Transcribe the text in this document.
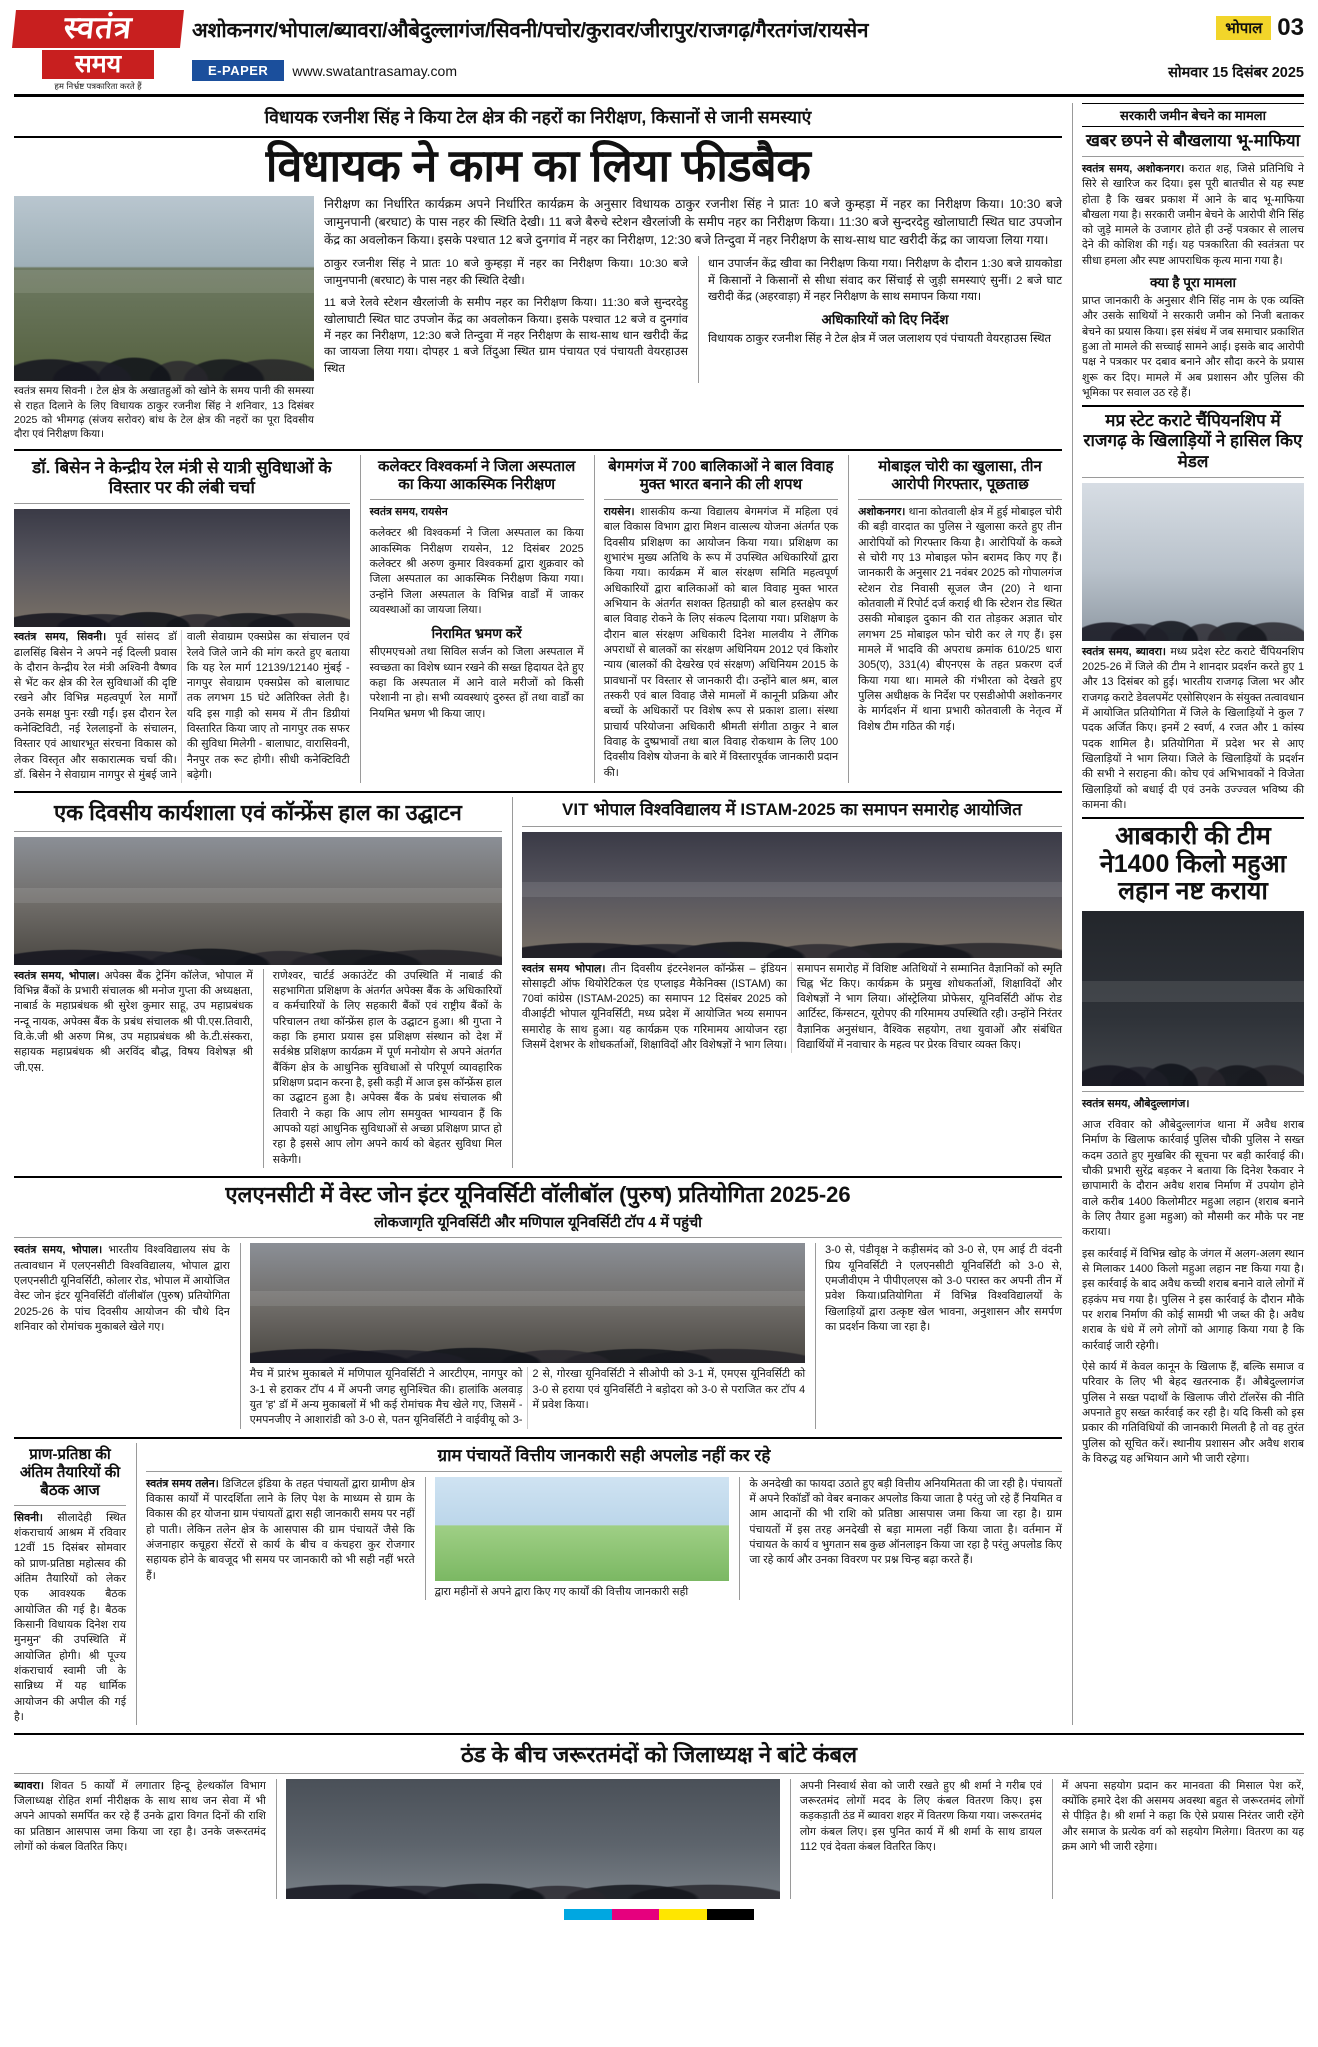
स्वतंत्र
समय
हम निर्भ्रष्ट पत्रकारिता करते हैं
अशोकनगर/भोपाल/ब्यावरा/औबेदुल्लागंज/सिवनी/पचोर/कुरावर/जीरापुर/राजगढ़/गैरतगंज/रायसेन
E-PAPER	www.swatantrasamay.com
भोपाल 03
सोमवार 15 दिसंबर 2025
विधायक रजनीश सिंह ने किया टेल क्षेत्र की नहरों का निरीक्षण, किसानों से जानी समस्याएं
विधायक ने काम का लिया फीडबैक
स्वतंत्र समय सिवनी । टेल क्षेत्र के अखातहुओं को खोने के समय पानी की समस्या से राहत दिलाने के लिए विधायक ठाकुर रजनीश सिंह ने शनिवार, 13 दिसंबर 2025 को भीमगढ़ (संजय सरोवर) बांध के टेल क्षेत्र की नहरों का पूरा दिवसीय दौरा एवं निरीक्षण किया।
निरीक्षण का निर्धारित कार्यक्रम अपने निर्धारित कार्यक्रम के अनुसार विधायक ठाकुर रजनीश सिंह ने प्रातः 10 बजे कुम्हड़ा में नहर का निरीक्षण किया। 10:30 बजे जामुनपानी (बरघाट) के पास नहर की स्थिति देखी। 11 बजे बैरुचे स्टेशन खैरलांजी के समीप नहर का निरीक्षण किया। 11:30 बजे सुन्दरदेहु खोलाघाटी स्थित घाट उपजोन केंद्र का अवलोकन किया। इसके पश्चात 12 बजे दुनगांव में नहर का निरीक्षण, 12:30 बजे तिन्दुवा में नहर निरीक्षण के साथ-साथ घाट खरीदी केंद्र का जायजा लिया गया।

ठाकुर रजनीश सिंह ने प्रातः 10 बजे कुम्हड़ा में नहर का निरीक्षण किया। 10:30 बजे जामुनपानी (बरघाट) के पास नहर की स्थिति देखी।

11 बजे रेलवे स्टेशन खैरलांजी के समीप नहर का निरीक्षण किया। 11:30 बजे सुन्दरदेहु खोलाघाटी स्थित घाट उपजोन केंद्र का अवलोकन किया। इसके पश्चात 12 बजे व दुनगांव में नहर का निरीक्षण, 12:30 बजे तिन्दुवा में नहर निरीक्षण के साथ-साथ धान खरीदी केंद्र का जायजा लिया गया। दोपहर 1 बजे तिंदुआ स्थित ग्राम पंचायत एवं पंचायती वेयरहाउस स्थित

धान उपार्जन केंद्र खीवा का निरीक्षण किया गया। निरीक्षण के दौरान 1:30 बजे ग्रायकोडा में किसानों ने किसानों से सीधा संवाद कर सिंचाई से जुड़ी समस्याएं सुनीं। 2 बजे घाट खरीदी केंद्र (अहरवाड़ा) में नहर निरीक्षण के साथ समापन किया गया।
अधिकारियों को दिए निर्देश
विधायक ठाकुर रजनीश सिंह ने टेल क्षेत्र में जल जलाशय एवं पंचायती वेयरहाउस स्थित
डॉ. बिसेन ने केन्द्रीय रेल मंत्री से यात्री सुविधाओं के विस्तार पर की लंबी चर्चा
स्वतंत्र समय, सिवनी। पूर्व सांसद डॉ ढालसिंह बिसेन ने अपने नई दिल्ली प्रवास के दौरान केन्द्रीय रेल मंत्री अश्विनी वैष्णव से भेंट कर क्षेत्र की रेल सुविधाओं की दृष्टि रखने और विभिन्न महत्वपूर्ण रेल मार्गों उनके समक्ष पुनः रखी गईं। इस दौरान रेल कनेक्टिविटी, नई रेललाइनों के संचालन, विस्तार एवं आधारभूत संरचना विकास को लेकर विस्तृत और सकारात्मक चर्चा की। डॉ. बिसेन ने सेवाग्राम नागपुर से मुंबई जाने वाली सेवाग्राम एक्सप्रेस का संचालन एवं रेलवे जिले जाने की मांग करते हुए बताया कि यह रेल मार्ग 12139/12140 मुंबई - नागपुर सेवाग्राम एक्सप्रेस को बालाघाट तक लगभग 15 घंटे अतिरिक्त लेती है। यदि इस गाड़ी को समय में तीन डिग्रीयां विस्तारित किया जाए तो नागपुर तक सफर की सुविधा मिलेगी - बालाघाट, वारासिवनी, नैनपुर तक रूट होगी। सीधी कनेक्टिविटी बढ़ेगी।
कलेक्टर विश्वकर्मा ने जिला अस्पताल का किया आकस्मिक निरीक्षण

स्वतंत्र समय, रायसेन

कलेक्टर श्री विश्वकर्मा ने जिला अस्पताल का किया आकस्मिक निरीक्षण रायसेन, 12 दिसंबर 2025 कलेक्टर श्री अरुण कुमार विश्वकर्मा द्वारा शुक्रवार को जिला अस्पताल का आकस्मिक निरीक्षण किया गया। उन्होंने जिला अस्पताल के विभिन्न वार्डों में जाकर व्यवस्थाओं का जायजा लिया।

निरामित भ्रमण करें
सीएमएचओ तथा सिविल सर्जन को जिला अस्पताल में स्वच्छता का विशेष ध्यान रखने की सख्त हिदायत देते हुए कहा कि अस्पताल में आने वाले मरीजों को किसी परेशानी ना हो। सभी व्यवस्थाएं दुरुस्त हों तथा वार्डों का नियमित भ्रमण भी किया जाए।
बेगमगंज में 700 बालिकाओं ने बाल विवाह मुक्त भारत बनाने की ली शपथ
रायसेन। शासकीय कन्या विद्यालय बेगमगंज में महिला एवं बाल विकास विभाग द्वारा मिशन वात्सल्य योजना अंतर्गत एक दिवसीय प्रशिक्षण का आयोजन किया गया। प्रशिक्षण का शुभारंभ मुख्य अतिथि के रूप में उपस्थित अधिकारियों द्वारा किया गया। कार्यक्रम में बाल संरक्षण समिति महत्वपूर्ण अधिकारियों द्वारा बालिकाओं को बाल विवाह मुक्त भारत अभियान के अंतर्गत सशक्त हितग्राही को बाल हस्तक्षेप कर बाल विवाह रोकने के लिए संकल्प दिलाया गया। प्रशिक्षण के दौरान बाल संरक्षण अधिकारी दिनेश मालवीय ने लैंगिक अपराधों से बालकों का संरक्षण अधिनियम 2012 एवं किशोर न्याय (बालकों की देखरेख एवं संरक्षण) अधिनियम 2015 के प्रावधानों पर विस्तार से जानकारी दी। उन्होंने बाल श्रम, बाल तस्करी एवं बाल विवाह जैसे मामलों में कानूनी प्रक्रिया और बच्चों के अधिकारों पर विशेष रूप से प्रकाश डाला। संस्था प्राचार्य परियोजना अधिकारी श्रीमती संगीता ठाकुर ने बाल विवाह के दुष्प्रभावों तथा बाल विवाह रोकथाम के लिए 100 दिवसीय विशेष योजना के बारे में विस्तारपूर्वक जानकारी प्रदान की।
मोबाइल चोरी का खुलासा, तीन आरोपी गिरफ्तार, पूछताछ
अशोकनगर। थाना कोतवाली क्षेत्र में हुई मोबाइल चोरी की बड़ी वारदात का पुलिस ने खुलासा करते हुए तीन आरोपियों को गिरफ्तार किया है। आरोपियों के कब्जे से चोरी गए 13 मोबाइल फोन बरामद किए गए हैं। जानकारी के अनुसार 21 नवंबर 2025 को गोपालगंज स्टेशन रोड निवासी सूजल जैन (20) ने थाना कोतवाली में रिपोर्ट दर्ज कराई थी कि स्टेशन रोड स्थित उसकी मोबाइल दुकान की रात तोड़कर अज्ञात चोर लगभग 25 मोबाइल फोन चोरी कर ले गए हैं। इस मामले में भादवि की अपराध क्रमांक 610/25 धारा 305(ए), 331(4) बीएनएस के तहत प्रकरण दर्ज किया गया था। मामले की गंभीरता को देखते हुए पुलिस अधीक्षक के निर्देश पर एसडीओपी अशोकनगर के मार्गदर्शन में थाना प्रभारी कोतवाली के नेतृत्व में विशेष टीम गठित की गई।
एक दिवसीय कार्यशाला एवं कॉन्फ्रेंस हाल का उद्घाटन
स्वतंत्र समय, भोपाल। अपेक्स बैंक ट्रेनिंग कॉलेज, भोपाल में विभिन्न बैंकों के प्रभारी संचालक श्री मनोज गुप्ता की अध्यक्षता, नाबार्ड के महाप्रबंधक श्री सुरेश कुमार साहू, उप महाप्रबंधक नन्दू नायक, अपेक्स बैंक के प्रबंध संचालक श्री पी.एस.तिवारी, वि.के.जी श्री अरुण मिश्र, उप महाप्रबंधक श्री के.टी.संस्करा, सहायक महाप्रबंधक श्री अरविंद बौद्ध, विषय विशेषज्ञ श्री जी.एस.
राणेश्वर, चार्टर्ड अकाउंटेंट की उपस्थिति में नाबार्ड की सहभागिता प्रशिक्षण के अंतर्गत अपेक्स बैंक के अधिकारियों व कर्मचारियों के लिए सहकारी बैंकों एवं राष्ट्रीय बैंकों के परिचालन तथा कॉन्फ्रेंस हाल के उद्घाटन हुआ। श्री गुप्ता ने कहा कि हमारा प्रयास इस प्रशिक्षण संस्थान को देश में सर्वश्रेष्ठ प्रशिक्षण कार्यक्रम में पूर्ण मनोयोग से अपने अंतर्गत बैंकिंग क्षेत्र के आधुनिक सुविधाओं से परिपूर्ण व्यावहारिक प्रशिक्षण प्रदान करना है, इसी कड़ी में आज इस कॉन्फ्रेंस हाल का उद्घाटन हुआ है। अपेक्स बैंक के प्रबंध संचालक श्री तिवारी ने कहा कि आप लोग समयुक्त भाग्यवान हैं कि आपको यहां आधुनिक सुविधाओं से अच्छा प्रशिक्षण प्राप्त हो रहा है इससे आप लोग अपने कार्य को बेहतर सुविधा मिल सकेगी।
VIT भोपाल विश्वविद्यालय में ISTAM-2025 का समापन समारोह आयोजित
स्वतंत्र समय भोपाल। तीन दिवसीय इंटरनेशनल कॉन्फ्रेंस – इंडियन सोसाइटी ऑफ थियोरेटिकल एंड एप्लाइड मैकेनिक्स (ISTAM) का 70वां कांग्रेस (ISTAM-2025) का समापन 12 दिसंबर 2025 को वीआईटी भोपाल यूनिवर्सिटी, मध्य प्रदेश में आयोजित भव्य समापन समारोह के साथ हुआ। यह कार्यक्रम एक गरिमामय आयोजन रहा जिसमें देशभर के शोधकर्ताओं, शिक्षाविदों और विशेषज्ञों ने भाग लिया। समापन समारोह में विशिष्ट अतिथियों ने सम्मानित वैज्ञानिकों को स्मृति चिह्न भेंट किए। कार्यक्रम के प्रमुख शोधकर्ताओं, शिक्षाविदों और विशेषज्ञों ने भाग लिया। ऑस्ट्रेलिया प्रोफेसर, यूनिवर्सिटी ऑफ रोड आर्टिस्ट, किंग्सटन, यूरोपए की गरिमामय उपस्थिति रही। उन्होंने निरंतर वैज्ञानिक अनुसंधान, वैश्विक सहयोग, तथा युवाओं और संबंधित विद्यार्थियों में नवाचार के महत्व पर प्रेरक विचार व्यक्त किए।
एलएनसीटी में वेस्ट जोन इंटर यूनिवर्सिटी वॉलीबॉल (पुरुष) प्रतियोगिता 2025-26
लोकजागृति यूनिवर्सिटी और मणिपाल यूनिवर्सिटी टॉप 4 में पहुंची
स्वतंत्र समय, भोपाल। भारतीय विश्वविद्यालय संघ के तत्वावधान में एलएनसीटी विश्वविद्यालय, भोपाल द्वारा एलएनसीटी यूनिवर्सिटी, कोलार रोड, भोपाल में आयोजित वेस्ट जोन इंटर यूनिवर्सिटी वॉलीबॉल (पुरुष) प्रतियोगिता 2025-26 के पांच दिवसीय आयोजन की चौथे दिन शनिवार को रोमांचक मुकाबले खेले गए।
मैच में प्रारंभ मुकाबले में मणिपाल यूनिवर्सिटी ने आरटीएम, नागपुर को 3-1 से हराकर टॉप 4 में अपनी जगह सुनिश्चित की। हालांकि अलवाड़ युत 'ह' डॉ में अन्य मुकाबलों में भी कई रोमांचक मैच खेले गए, जिसमें - एमपनजीए ने आशारांडी को 3-0 से, पतन यूनिवर्सिटी ने वाईवीयू को 3-2 से, गोरखा यूनिवर्सिटी ने सीओपी को 3-1 में, एमएस यूनिवर्सिटी को 3-0 से हराया एवं युनिवर्सिटी ने बड़ोदरा को 3-0 से पराजित कर टॉप 4 में प्रवेश किया।
3-0 से, पंडीवृक्ष ने कड़ीसमंद को 3-0 से, एम आई टी वंदनी प्रिय यूनिवर्सिटी ने एलएनसीटी यूनिवर्सिटी को 3-0 से, एमजीवीएम ने पीपीएलएस को 3-0 परास्त कर अपनी तीन में प्रवेश किया।प्रतियोगिता में विभिन्न विश्वविद्यालयों के खिलाड़ियों द्वारा उत्कृष्ट खेल भावना, अनुशासन और समर्पण का प्रदर्शन किया जा रहा है।
प्राण-प्रतिष्ठा की अंतिम तैयारियों की बैठक आज
सिवनी। सीलादेही स्थित शंकराचार्य आश्रम में रविवार 12वीं 15 दिसंबर सोमवार को प्राण-प्रतिष्ठा महोत्सव की अंतिम तैयारियों को लेकर एक आवश्यक बैठक आयोजित की गई है। बैठक किसानी विधायक दिनेश राय मुनमुन' की उपस्थिति में आयोजित होगी। श्री पूज्य शंकराचार्य स्वामी जी के सान्निध्य में यह धार्मिक आयोजन की अपील की गई है।
ग्राम पंचायतें वित्तीय जानकारी सही अपलोड नहीं कर रहे
स्वतंत्र समय तलेन। डिजिटल इंडिया के तहत पंचायतों द्वारा ग्रामीण क्षेत्र विकास कार्यों में पारदर्शिता लाने के लिए पेश के माध्यम से ग्राम के विकास की हर योजना ग्राम पंचायतों द्वारा सही जानकारी समय पर नहीं हो पाती। लेकिन तलेन क्षेत्र के आसपास की ग्राम पंचायतें जैसे कि अंजनाहार कचूहरा सेंटरों से कार्य के बीच व कंचहरा कुर रोजगार सहायक होने के बावजूद भी समय पर जानकारी को भी सही नहीं भरते हैं।
द्वारा महीनों से अपने द्वारा किए गए कार्यों की वित्तीय जानकारी सही
के अनदेखी का फायदा उठाते हुए बड़ी वित्तीय अनियमितता की जा रही है। पंचायतों में अपने रिकॉर्डों को वेबर बनाकर अपलोड किया जाता है परंतु जो रहे हैं नियमित व आम आदानों की भी राशि को प्रतिष्ठा आसपास जमा किया जा रहा है। ग्राम पंचायतों में इस तरह अनदेखी से बड़ा मामला नहीं किया जाता है। वर्तमान में पंचायत के कार्य व भुगतान सब कुछ ऑनलाइन किया जा रहा है परंतु अपलोड किए जा रहे कार्य और उनका विवरण पर प्रश्न चिन्ह बढ़ा करते हैं।
सरकारी जमीन बेचने का मामला
खबर छपने से बौखलाया भू-माफिया
स्वतंत्र समय, अशोकनगर। करात शह, जिसे प्रतिनिधि ने सिरे से खारिज कर दिया। इस पूरी बातचीत से यह स्पष्ट होता है कि खबर प्रकाश में आने के बाद भू-माफिया बौखला गया है। सरकारी जमीन बेचने के आरोपी शैनि सिंह को जुड़े मामले के उजागर होते ही उन्हें पत्रकार से लालच देने की कोशिश की गई। यह पत्रकारिता की स्वतंत्रता पर सीधा हमला और स्पष्ट आपराधिक कृत्य माना गया है।
क्या है पूरा मामला
प्राप्त जानकारी के अनुसार शैनि सिंह नाम के एक व्यक्ति और उसके साथियों ने सरकारी जमीन को निजी बताकर बेचने का प्रयास किया। इस संबंध में जब समाचार प्रकाशित हुआ तो मामले की सच्चाई सामने आई। इसके बाद आरोपी पक्ष ने पत्रकार पर दबाव बनाने और सौदा करने के प्रयास शुरू कर दिए। मामले में अब प्रशासन और पुलिस की भूमिका पर सवाल उठ रहे हैं।
मप्र स्टेट कराटे चैंपियनशिप में राजगढ़ के खिलाड़ियों ने हासिल किए मेडल
स्वतंत्र समय, ब्यावरा। मध्य प्रदेश स्टेट कराटे चैंपियनशिप 2025-26 में जिले की टीम ने शानदार प्रदर्शन करते हुए 1 और 13 दिसंबर को हुई। भारतीय राजगढ़ जिला भर और राजगढ़ कराटे डेवलपमेंट एसोसिएशन के संयुक्त तत्वावधान में आयोजित प्रतियोगिता में जिले के खिलाड़ियों ने कुल 7 पदक अर्जित किए। इनमें 2 स्वर्ण, 4 रजत और 1 कांस्य पदक शामिल है। प्रतियोगिता में प्रदेश भर से आए खिलाड़ियों ने भाग लिया। जिले के खिलाड़ियों के प्रदर्शन की सभी ने सराहना की। कोच एवं अभिभावकों ने विजेता खिलाड़ियों को बधाई दी एवं उनके उज्ज्वल भविष्य की कामना की।
आबकारी की टीम ने1400 किलो महुआ लहान नष्ट कराया

स्वतंत्र समय, औबेदुल्लागंज।

आज रविवार को औबेदुल्लागंज थाना में अवैध शराब निर्माण के खिलाफ कार्रवाई पुलिस चौकी पुलिस ने सख्त कदम उठाते हुए मुखबिर की सूचना पर बड़ी कार्रवाई की। चौकी प्रभारी सुरेंद्र बड़कर ने बताया कि दिनेश रैकवार ने छापामारी के दौरान अवैध शराब निर्माण में उपयोग होने वाले करीब 1400 किलोमीटर महुआ लहान (शराब बनाने के लिए तैयार हुआ महुआ) को मौसमी कर मौके पर नष्ट कराया।

इस कार्रवाई में विभिन्न खोह के जंगल में अलग-अलग स्थान से मिलाकर 1400 किलो महुआ लहान नष्ट किया गया है। इस कार्रवाई के बाद अवैध कच्ची शराब बनाने वाले लोगों में हड़कंप मच गया है। पुलिस ने इस कार्रवाई के दौरान मौके पर शराब निर्माण की कोई सामग्री भी जब्त की है। अवैध शराब के धंधे में लगे लोगों को आगाह किया गया है कि कार्रवाई जारी रहेगी।

ऐसे कार्य में केवल कानून के खिलाफ हैं, बल्कि समाज व परिवार के लिए भी बेहद खतरनाक हैं। औबेदुल्लागंज पुलिस ने सख्त पदार्थों के खिलाफ जीरो टॉलरेंस की नीति अपनाते हुए सख्त कार्रवाई कर रही है। यदि किसी को इस प्रकार की गतिविधियों की जानकारी मिलती है तो वह तुरंत पुलिस को सूचित करें। स्थानीय प्रशासन और अवैध शराब के विरुद्ध यह अभियान आगे भी जारी रहेगा।

ठंड के बीच जरूरतमंदों को जिलाध्यक्ष ने बांटे कंबल
ब्यावरा। शिवत 5 कार्यों में लगातार हिन्दू हेल्थकॉल विभाग जिलाध्यक्ष रोहित शर्मा नीरीक्षक के साथ साथ जन सेवा में भी अपने आपको समर्पित कर रहे हैं उनके द्वारा विगत दिनों की राशि का प्रतिष्ठान आसपास जमा किया जा रहा है। उनके जरूरतमंद लोगों को कंबल वितरित किए।
अपनी निस्वार्थ सेवा को जारी रखते हुए श्री शर्मा ने गरीब एवं जरूरतमंद लोगों मदद के लिए कंबल वितरण किए। इस कड़कड़ाती ठंड में ब्यावरा शहर में वितरण किया गया। जरूरतमंद लोग कंबल लिए। इस पुनित कार्य में श्री शर्मा के साथ डायल 112 एवं देवता कंबल वितरित किए।
में अपना सहयोग प्रदान कर मानवता की मिसाल पेश करें, क्योंकि हमारे देश की असमय अवस्था बहुत से जरूरतमंद लोगों से पीड़ित है। श्री शर्मा ने कहा कि ऐसे प्रयास निरंतर जारी रहेंगे और समाज के प्रत्येक वर्ग को सहयोग मिलेगा। वितरण का यह क्रम आगे भी जारी रहेगा।
